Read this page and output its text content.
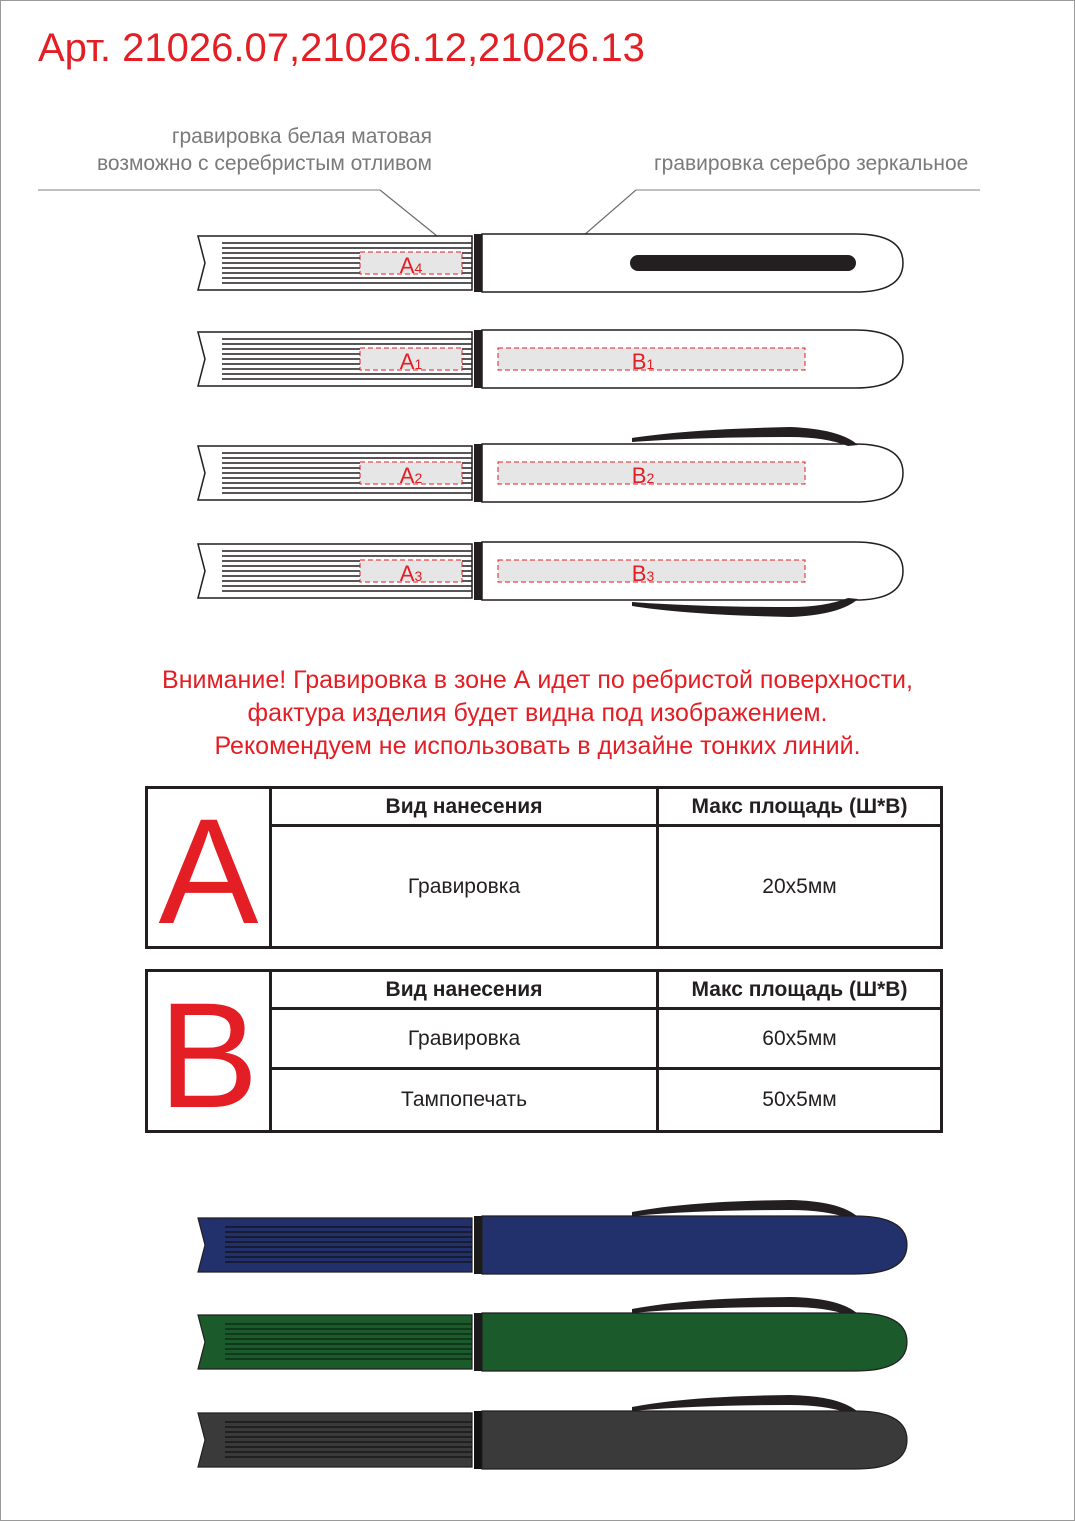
Арт. 21026.07,21026.12,21026.13
гравировка белая матовая
возможно с серебристым отливом	гравировка серебро зеркальное
A4
A1	B1
A2	B2
A3	B3
Внимание! Гравировка в зоне А идет по ребристой поверхности,
фактура изделия будет видна под изображением.
Рекомендуем не использовать в дизайне тонких линий.
A	Вид нанесения	Макс площадь (Ш*В)
Гравировка	20х5мм
B	Вид нанесения	Макс площадь (Ш*В)
Гравировка	60х5мм
Тампопечать	50х5мм
